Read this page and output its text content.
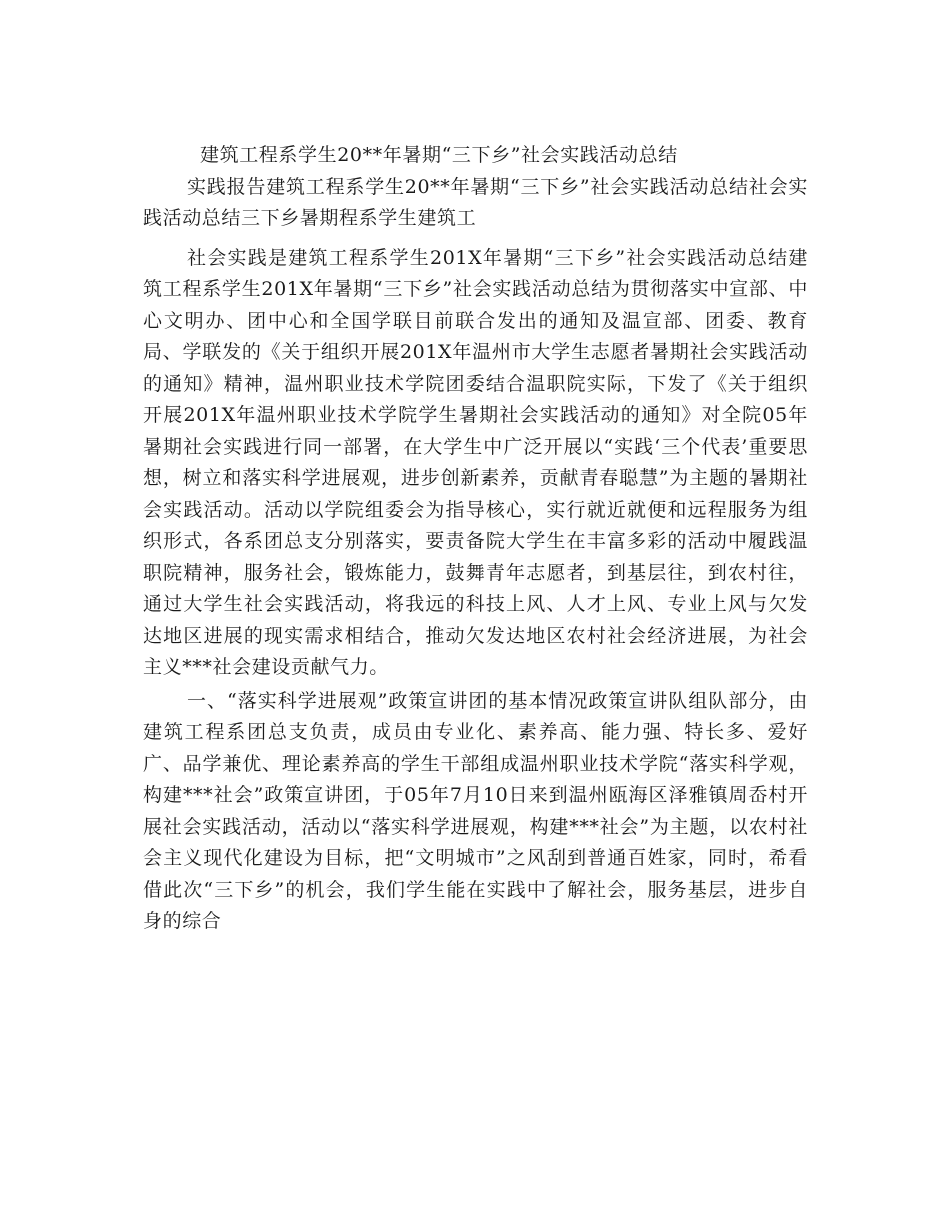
建筑工程系学生20**年暑期“三下乡”社会实践活动总结

实践报告建筑工程系学生20**年暑期“三下乡”社会实践活动总结社会实践活动总结三下乡暑期程系学生建筑工

社会实践是建筑工程系学生201X年暑期“三下乡”社会实践活动总结建筑工程系学生201X年暑期“三下乡”社会实践活动总结为贯彻落实中宣部、中心文明办、团中心和全国学联目前联合发出的通知及温宣部、团委、教育局、学联发的《关于组织开展201X年温州市大学生志愿者暑期社会实践活动的通知》精神，温州职业技术学院团委结合温职院实际，下发了《关于组织开展201X年温州职业技术学院学生暑期社会实践活动的通知》对全院05年暑期社会实践进行同一部署，在大学生中广泛开展以“实践‘三个代表’重要思想，树立和落实科学进展观，进步创新素养，贡献青春聪慧”为主题的暑期社会实践活动。活动以学院组委会为指导核心，实行就近就便和远程服务为组织形式，各系团总支分别落实，要责备院大学生在丰富多彩的活动中履践温职院精神，服务社会，锻炼能力，鼓舞青年志愿者，到基层往，到农村往，通过大学生社会实践活动，将我远的科技上风、人才上风、专业上风与欠发达地区进展的现实需求相结合，推动欠发达地区农村社会经济进展，为社会主义***社会建设贡献气力。

一、“落实科学进展观”政策宣讲团的基本情况政策宣讲队组队部分，由建筑工程系团总支负责，成员由专业化、素养高、能力强、特长多、爱好广、品学兼优、理论素养高的学生干部组成温州职业技术学院“落实科学观，构建***社会”政策宣讲团，于05年7月10日来到温州瓯海区泽雅镇周岙村开展社会实践活动，活动以“落实科学进展观，构建***社会”为主题，以农村社会主义现代化建设为目标，把“文明城市”之风刮到普通百姓家，同时，希看借此次“三下乡”的机会，我们学生能在实践中了解社会，服务基层，进步自身的综合
